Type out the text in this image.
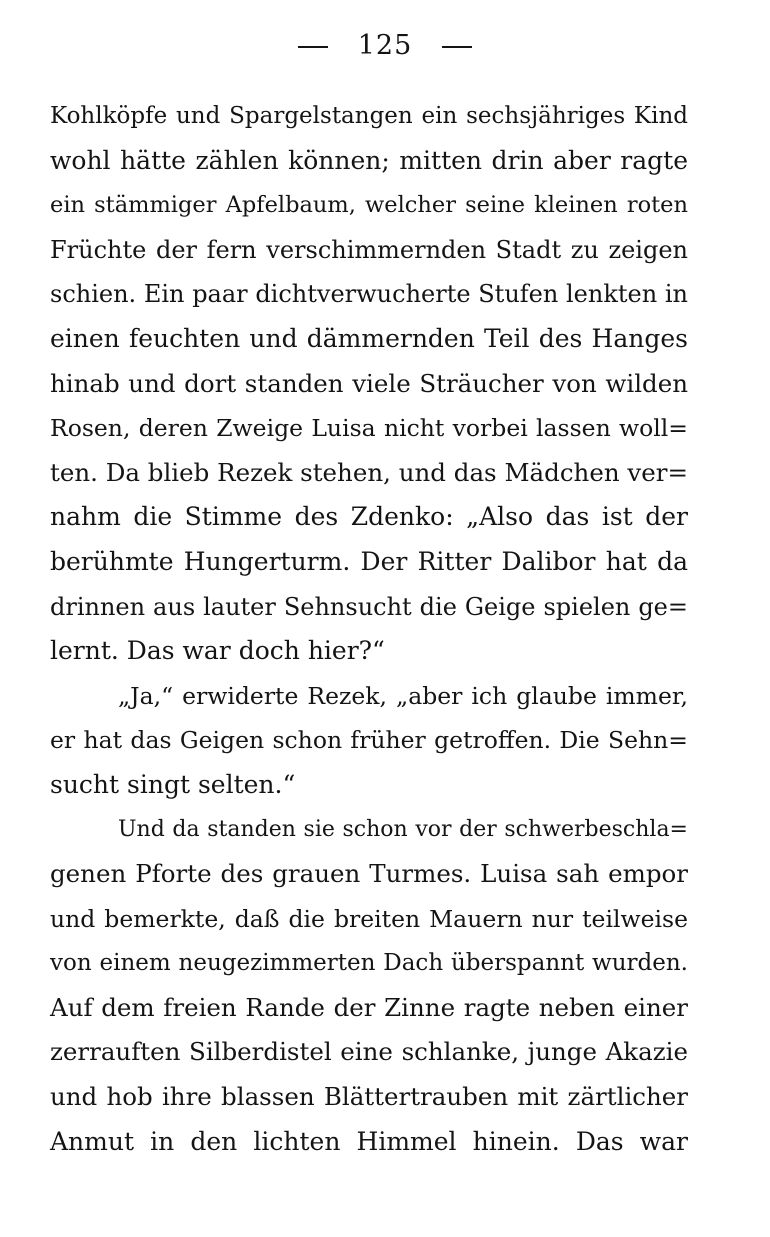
125
Kohlköpfe und Spargelstangen ein sechsjähriges Kind
wohl hätte zählen können; mitten drin aber ragte
ein stämmiger Apfelbaum, welcher seine kleinen roten
Früchte der fern verschimmernden Stadt zu zeigen
schien. Ein paar dichtverwucherte Stufen lenkten in
einen feuchten und dämmernden Teil des Hanges
hinab und dort standen viele Sträucher von wilden
Rosen, deren Zweige Luisa nicht vorbei lassen woll=
ten. Da blieb Rezek stehen, und das Mädchen ver=
nahm die Stimme des Zdenko: „Also das ist der
berühmte Hungerturm. Der Ritter Dalibor hat da
drinnen aus lauter Sehnsucht die Geige spielen ge=
lernt. Das war doch hier?“
„Ja,“ erwiderte Rezek, „aber ich glaube immer,
er hat das Geigen schon früher getroffen. Die Sehn=
sucht singt selten.“
Und da standen sie schon vor der schwerbeschla=
genen Pforte des grauen Turmes. Luisa sah empor
und bemerkte, daß die breiten Mauern nur teilweise
von einem neugezimmerten Dach überspannt wurden.
Auf dem freien Rande der Zinne ragte neben einer
zerrauften Silberdistel eine schlanke, junge Akazie
und hob ihre blassen Blättertrauben mit zärtlicher
Anmut in den lichten Himmel hinein. Das war
